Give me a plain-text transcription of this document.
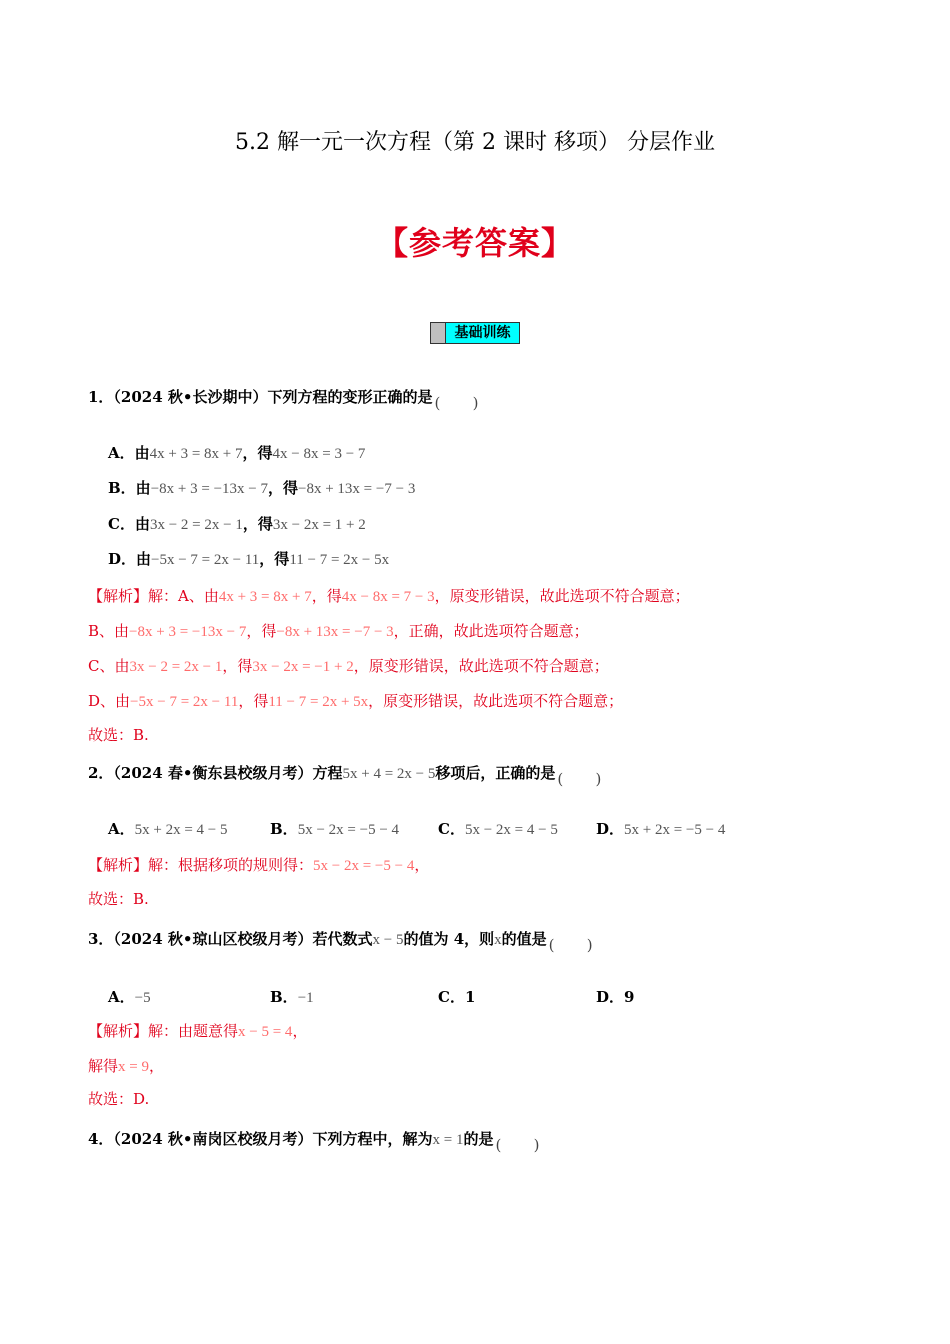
5.2 解一元一次方程（第 2 课时 移项） 分层作业
【参考答案】
基础训练
1．（2024 秋•长沙期中）下列方程的变形正确的是 ( )
A．由4x + 3 = 8x + 7，得4x − 8x = 3 − 7
B．由−8x + 3 = −13x − 7，得−8x + 13x = −7 − 3
C．由3x − 2 = 2x − 1，得3x − 2x = 1 + 2
D．由−5x − 7 = 2x − 11，得11 − 7 = 2x − 5x
【解析】解：A、由4x + 3 = 8x + 7，得4x − 8x = 7 − 3，原变形错误，故此选项不符合题意；
B、由−8x + 3 = −13x − 7，得−8x + 13x = −7 − 3，正确，故此选项符合题意；
C、由3x − 2 = 2x − 1，得3x − 2x = −1 + 2，原变形错误，故此选项不符合题意；
D、由−5x − 7 = 2x − 11，得11 − 7 = 2x + 5x，原变形错误，故此选项不符合题意；
故选：B.
2．（2024 春•衡东县校级月考）方程5x + 4 = 2x − 5移项后，正确的是 ( )
A．5x + 2x = 4 − 5	B．5x − 2x = −5 − 4	C．5x − 2x = 4 − 5	D．5x + 2x = −5 − 4
【解析】解：根据移项的规则得：5x − 2x = −5 − 4，
故选：B.
3．（2024 秋•琼山区校级月考）若代数式x − 5的值为 4，则x的值是 ( )
A．−5	B．−1	C．1	D．9
【解析】解：由题意得x − 5 = 4，
解得x = 9，
故选：D.
4．（2024 秋•南岗区校级月考）下列方程中，解为x = 1的是 ( )
